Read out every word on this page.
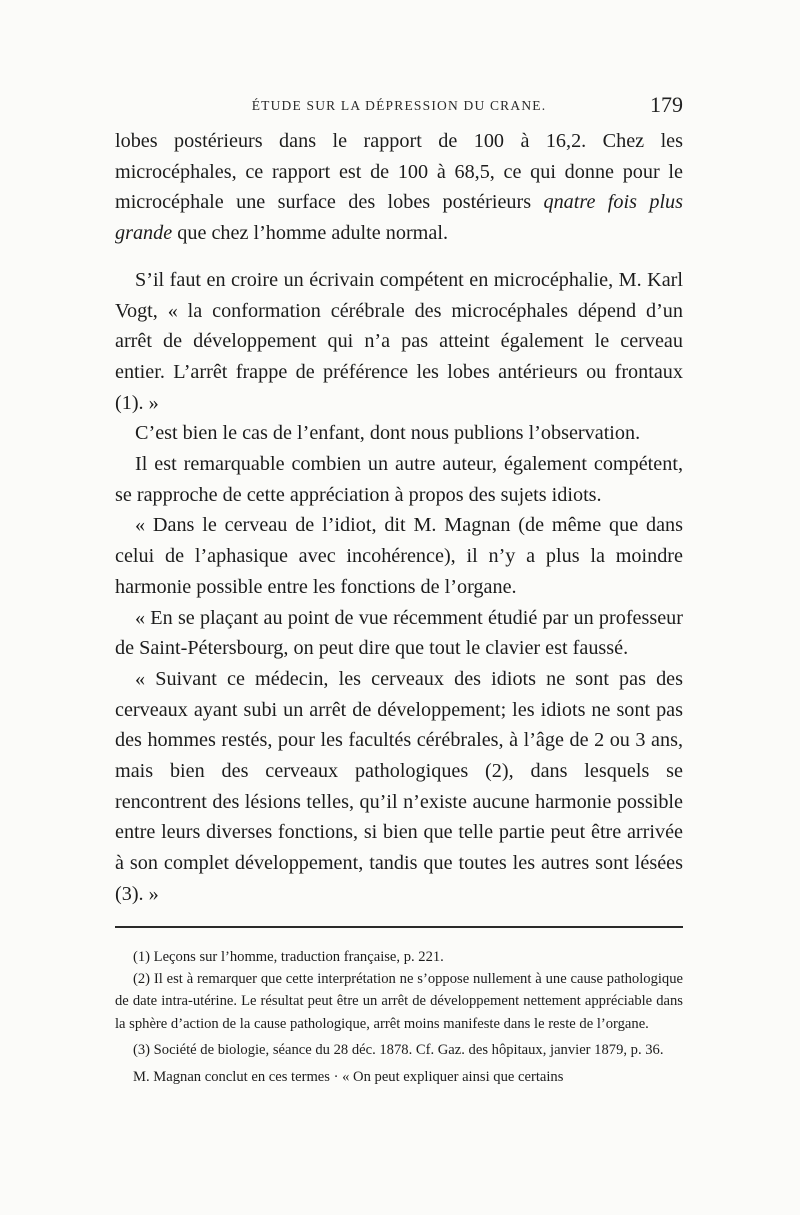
ÉTUDE SUR LA DÉPRESSION DU CRANE.	179

lobes postérieurs dans le rapport de 100 à 16,2. Chez les microcéphales, ce rapport est de 100 à 68,5, ce qui donne pour le microcéphale une surface des lobes postérieurs qnatre fois plus grande que chez l’homme adulte normal.

S’il faut en croire un écrivain compétent en microcéphalie, M. Karl Vogt, « la conformation cérébrale des microcéphales dépend d’un arrêt de développement qui n’a pas atteint également le cerveau entier. L’arrêt frappe de préférence les lobes antérieurs ou frontaux (1). »

C’est bien le cas de l’enfant, dont nous publions l’observation.

Il est remarquable combien un autre auteur, également compétent, se rapproche de cette appréciation à propos des sujets idiots.

« Dans le cerveau de l’idiot, dit M. Magnan (de même que dans celui de l’aphasique avec incohérence), il n’y a plus la moindre harmonie possible entre les fonctions de l’organe.

« En se plaçant au point de vue récemment étudié par un professeur de Saint-Pétersbourg, on peut dire que tout le clavier est faussé.

« Suivant ce médecin, les cerveaux des idiots ne sont pas des cerveaux ayant subi un arrêt de développement; les idiots ne sont pas des hommes restés, pour les facultés cérébrales, à l’âge de 2 ou 3 ans, mais bien des cerveaux pathologiques (2), dans lesquels se rencontrent des lésions telles, qu’il n’existe aucune harmonie possible entre leurs diverses fonctions, si bien que telle partie peut être arrivée à son complet développement, tandis que toutes les autres sont lésées (3). »

(1) Leçons sur l’homme, traduction française, p. 221.

(2) Il est à remarquer que cette interprétation ne s’oppose nullement à une cause pathologique de date intra-utérine. Le résultat peut être un arrêt de développement nettement appréciable dans la sphère d’action de la cause pathologique, arrêt moins manifeste dans le reste de l’organe.

(3) Société de biologie, séance du 28 déc. 1878. Cf. Gaz. des hôpitaux, janvier 1879, p. 36.

M. Magnan conclut en ces termes · « On peut expliquer ainsi que certains
